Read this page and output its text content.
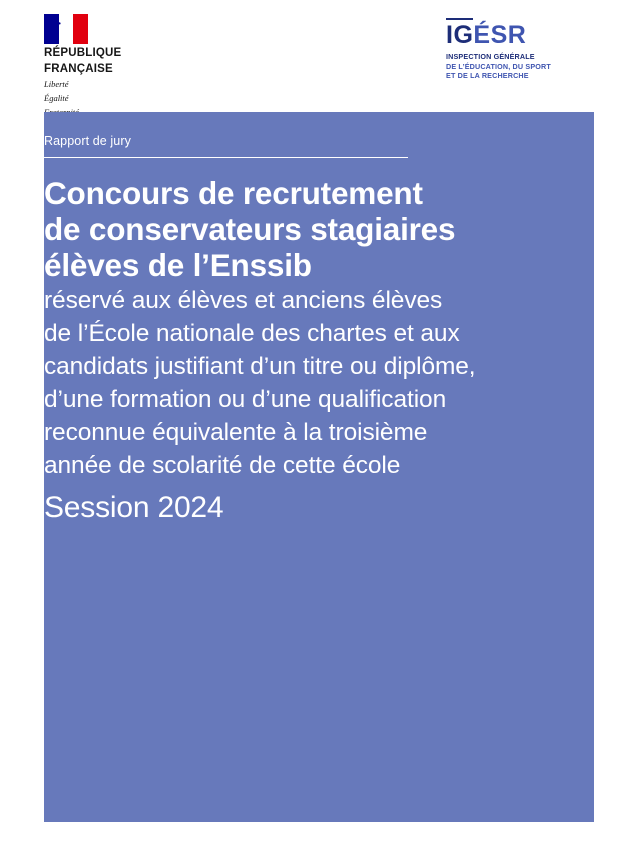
⚜
RÉPUBLIQUE
FRANÇAISE
Liberté
Égalité
IGÉSR
INSPECTION GÉNÉRALE
DE L’ÉDUCATION, DU SPORT
ET DE LA RECHERCHE
Rapport de jury
Concours de recrutement
de conservateurs stagiaires
élèves de l’Enssib
réservé aux élèves et anciens élèves
de l’École nationale des chartes et aux
candidats justifiant d’un titre ou diplôme,
d’une formation ou d’une qualification
reconnue équivalente à la troisième
année de scolarité de cette école
Session 2024
